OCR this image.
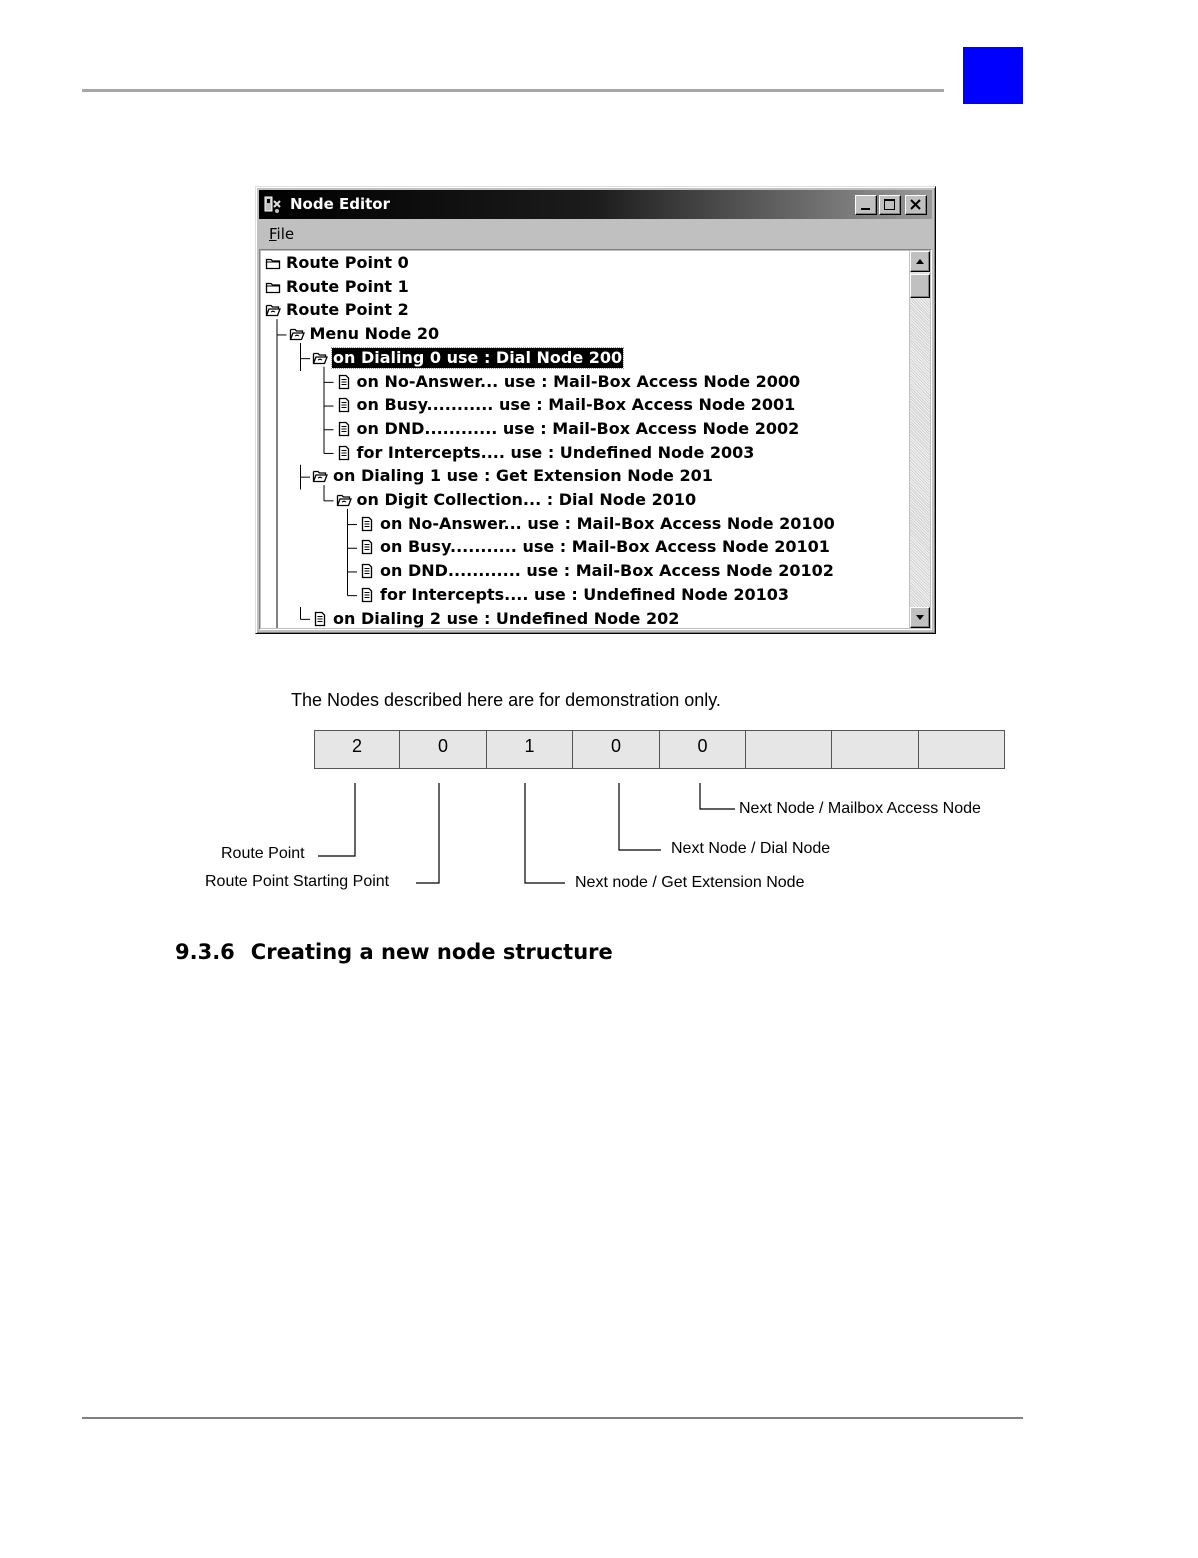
Node Editor
File
Route Point 0
Route Point 1
Route Point 2
Menu Node 20
on Dialing 0 use : Dial Node 200
on No-Answer... use : Mail-Box Access Node 2000
on Busy........... use : Mail-Box Access Node 2001
on DND............ use : Mail-Box Access Node 2002
for Intercepts.... use : Undefined Node 2003
on Dialing 1 use : Get Extension Node 201
on Digit Collection... : Dial Node 2010
on No-Answer... use : Mail-Box Access Node 20100
on Busy........... use : Mail-Box Access Node 20101
on DND............ use : Mail-Box Access Node 20102
for Intercepts.... use : Undefined Node 20103
on Dialing 2 use : Undefined Node 202
The Nodes described here are for demonstration only.
2	0	1	0	0
Route Point
Route Point Starting Point	Next node / Get Extension Node
Next Node / Dial Node
Next Node / Mailbox Access Node
9.3.6 Creating a new node structure
